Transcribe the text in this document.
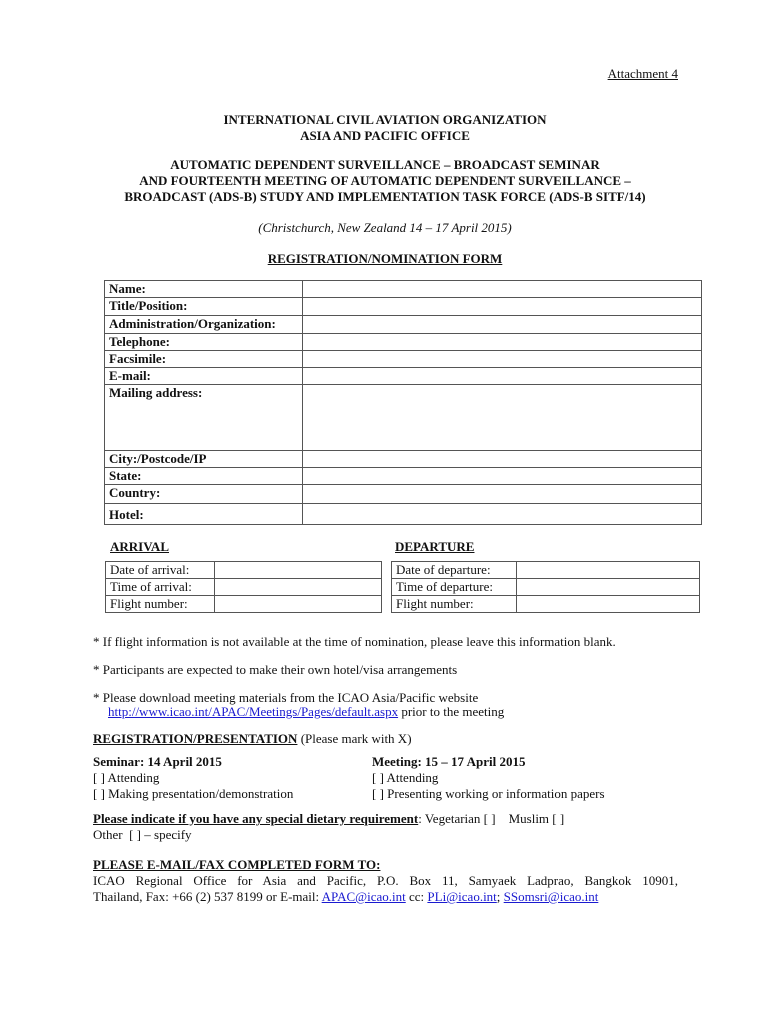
Attachment 4
INTERNATIONAL CIVIL AVIATION ORGANIZATION
ASIA AND PACIFIC OFFICE
AUTOMATIC DEPENDENT SURVEILLANCE – BROADCAST SEMINAR
AND FOURTEENTH MEETING OF AUTOMATIC DEPENDENT SURVEILLANCE –
BROADCAST (ADS-B) STUDY AND IMPLEMENTATION TASK FORCE (ADS-B SITF/14)
(Christchurch, New Zealand 14 – 17 April 2015)
REGISTRATION/NOMINATION FORM
Name:	
Title/Position:	
Administration/Organization:	
Telephone:	
Facsimile:	
E-mail:	
Mailing address:	
City:/Postcode/IP	
State:	
Country:	
Hotel:	
ARRIVAL	DEPARTURE
Date of arrival:	
Time of arrival:	
Flight number:	
Date of departure:	
Time of departure:	
Flight number:	
* If flight information is not available at the time of nomination, please leave this information blank.
* Participants are expected to make their own hotel/visa arrangements
* Please download meeting materials from the ICAO Asia/Pacific website
http://www.icao.int/APAC/Meetings/Pages/default.aspx prior to the meeting
REGISTRATION/PRESENTATION (Please mark with X)
Seminar: 14 April 2015
[ ] Attending
[ ] Making presentation/demonstration
Meeting: 15 – 17 April 2015
[ ] Attending
[ ] Presenting working or information papers
Please indicate if you have any special dietary requirement: Vegetarian [ ]    Muslim [ ]
Other  [ ] – specify
PLEASE E-MAIL/FAX COMPLETED FORM TO:
ICAO Regional Office for Asia and Pacific, P.O. Box 11, Samyaek Ladprao, Bangkok 10901,
Thailand, Fax: +66 (2) 537 8199 or E-mail: APAC@icao.int cc: PLi@icao.int; SSomsri@icao.int
